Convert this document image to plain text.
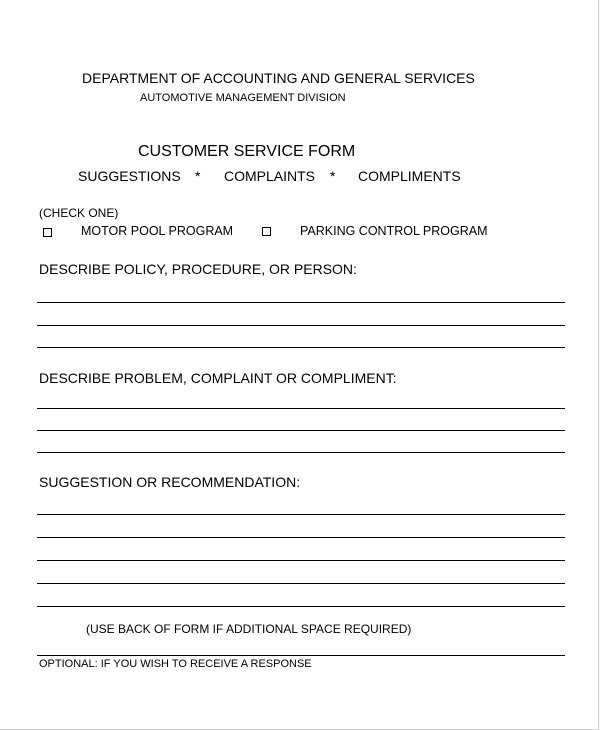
DEPARTMENT OF ACCOUNTING AND GENERAL SERVICES
AUTOMOTIVE MANAGEMENT DIVISION
CUSTOMER SERVICE FORM
SUGGESTIONS * COMPLAINTS * COMPLIMENTS
(CHECK ONE)
MOTOR POOL PROGRAM	PARKING CONTROL PROGRAM
DESCRIBE POLICY, PROCEDURE, OR PERSON:
DESCRIBE PROBLEM, COMPLAINT OR COMPLIMENT:
SUGGESTION OR RECOMMENDATION:
(USE BACK OF FORM IF ADDITIONAL SPACE REQUIRED)
OPTIONAL: IF YOU WISH TO RECEIVE A RESPONSE
